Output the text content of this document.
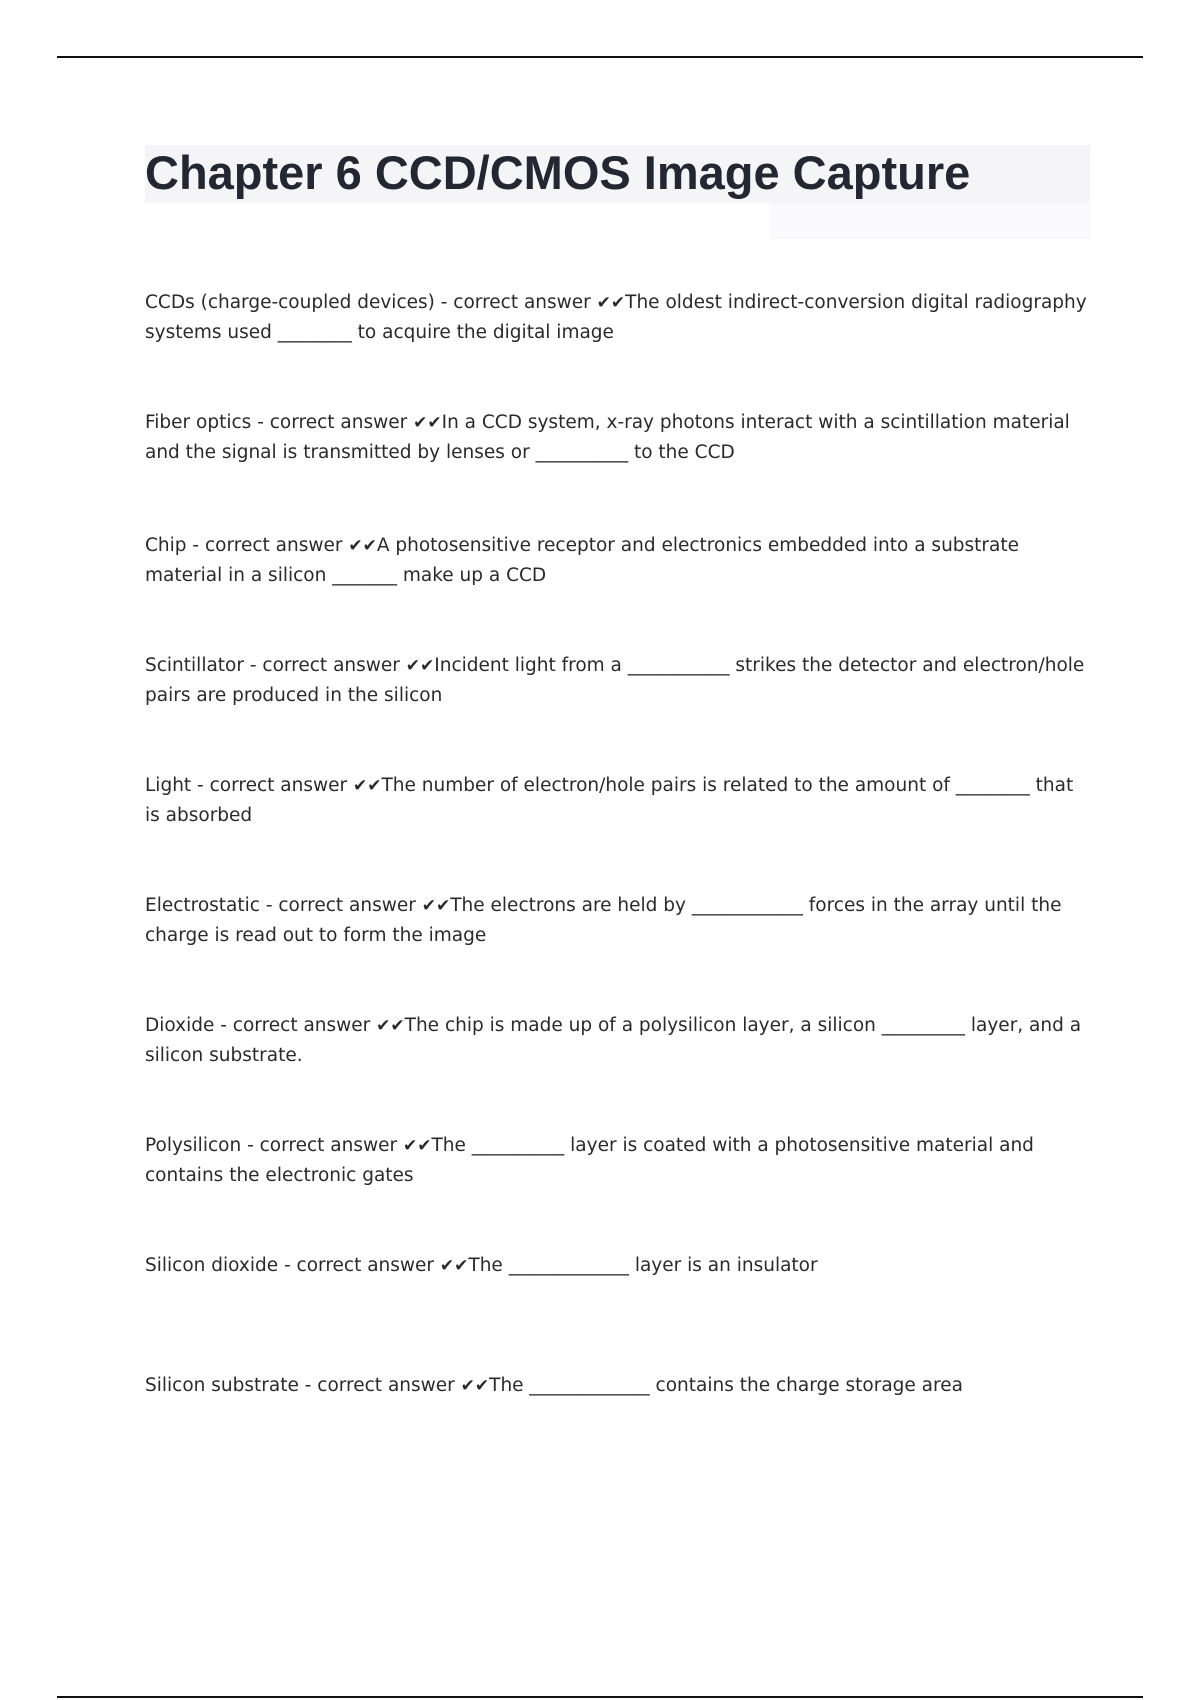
Chapter 6 CCD/CMOS Image Capture
CCDs (charge-coupled devices) - correct answer ✔✔The oldest indirect-conversion digital radiography systems used ________ to acquire the digital image
Fiber optics - correct answer ✔✔In a CCD system, x-ray photons interact with a scintillation material and the signal is transmitted by lenses or __________ to the CCD
Chip - correct answer ✔✔A photosensitive receptor and electronics embedded into a substrate material in a silicon _______ make up a CCD
Scintillator - correct answer ✔✔Incident light from a ___________ strikes the detector and electron/hole pairs are produced in the silicon
Light - correct answer ✔✔The number of electron/hole pairs is related to the amount of ________ that is absorbed
Electrostatic - correct answer ✔✔The electrons are held by ____________ forces in the array until the charge is read out to form the image
Dioxide - correct answer ✔✔The chip is made up of a polysilicon layer, a silicon _________ layer, and a silicon substrate.
Polysilicon - correct answer ✔✔The __________ layer is coated with a photosensitive material and contains the electronic gates
Silicon dioxide - correct answer ✔✔The _____________ layer is an insulator
Silicon substrate - correct answer ✔✔The _____________ contains the charge storage area
